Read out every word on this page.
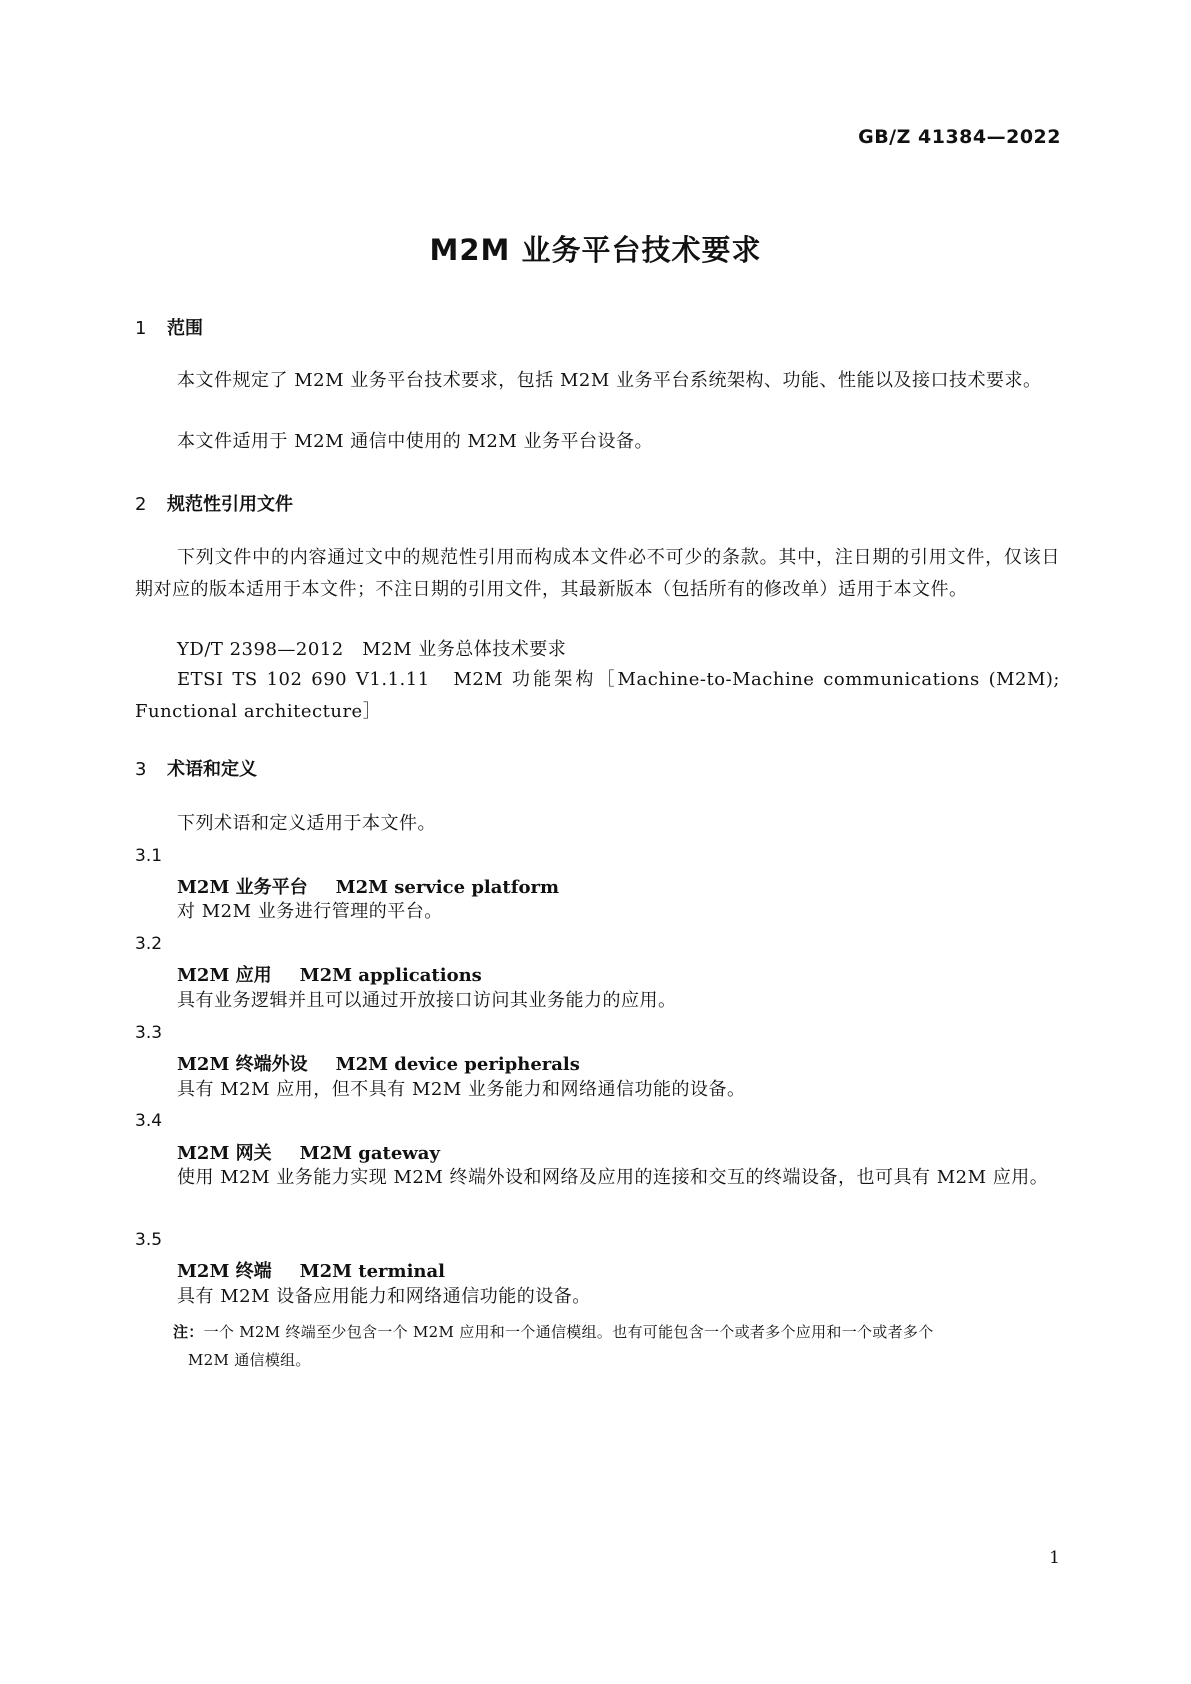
GB/Z 41384—2022
M2M 业务平台技术要求
1 范围

本文件规定了 M2M 业务平台技术要求，包括 M2M 业务平台系统架构、功能、性能以及接口技术要求。

本文件适用于 M2M 通信中使用的 M2M 业务平台设备。

2 规范性引用文件

下列文件中的内容通过文中的规范性引用而构成本文件必不可少的条款。其中，注日期的引用文件，仅该日期对应的版本适用于本文件；不注日期的引用文件，其最新版本（包括所有的修改单）适用于本文件。

YD/T 2398—2012　M2M 业务总体技术要求

ETSI TS 102 690 V1.1.11　M2M 功能架构［Machine-to-Machine communications (M2M); Functional architecture］

3 术语和定义

下列术语和定义适用于本文件。

3.1
M2M 业务平台 M2M service platform

对 M2M 业务进行管理的平台。

3.2
M2M 应用 M2M applications

具有业务逻辑并且可以通过开放接口访问其业务能力的应用。

3.3
M2M 终端外设 M2M device peripherals

具有 M2M 应用，但不具有 M2M 业务能力和网络通信功能的设备。

3.4
M2M 网关 M2M gateway

使用 M2M 业务能力实现 M2M 终端外设和网络及应用的连接和交互的终端设备，也可具有 M2M 应用。

3.5
M2M 终端 M2M terminal

具有 M2M 设备应用能力和网络通信功能的设备。

注：一个 M2M 终端至少包含一个 M2M 应用和一个通信模组。也有可能包含一个或者多个应用和一个或者多个
M2M 通信模组。
1
